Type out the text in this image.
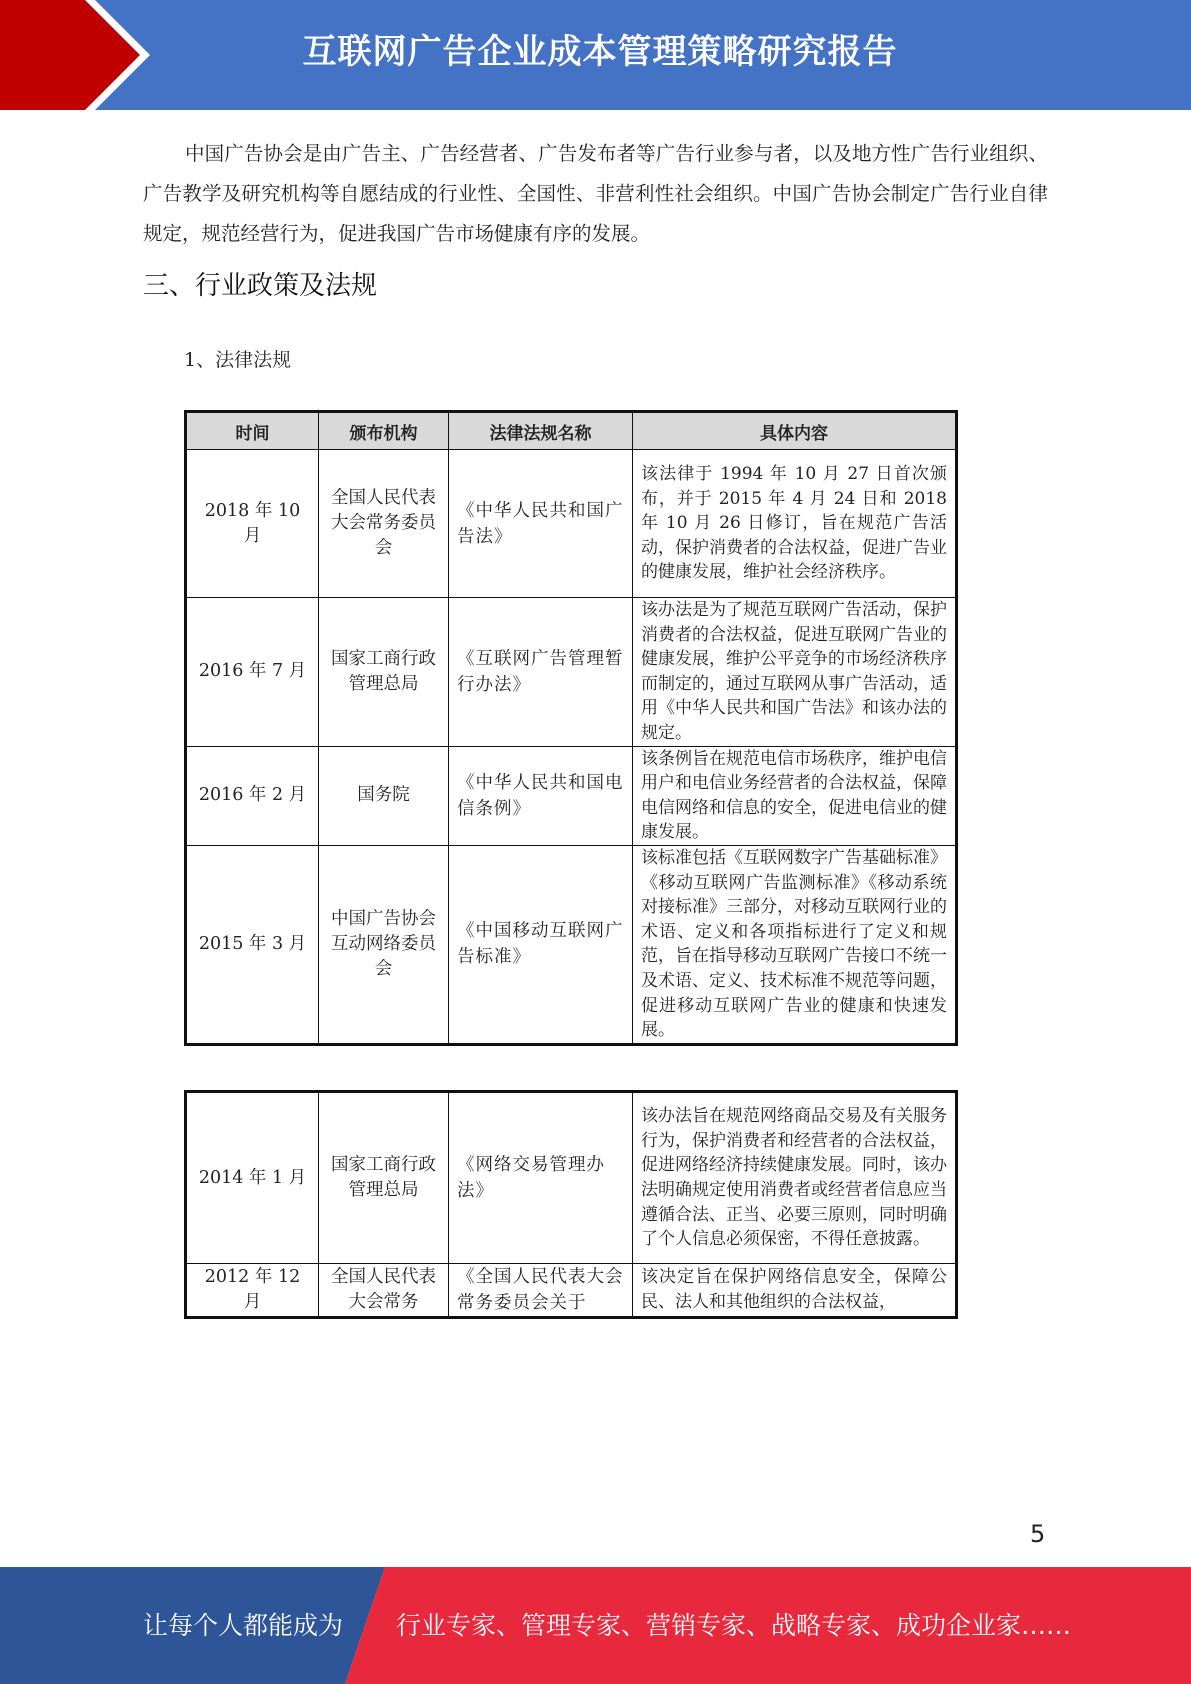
互联网广告企业成本管理策略研究报告

中国广告协会是由广告主、广告经营者、广告发布者等广告行业参与者，以及地方性广告行业组织、广告教学及研究机构等自愿结成的行业性、全国性、非营利性社会组织。中国广告协会制定广告行业自律规定，规范经营行为，促进我国广告市场健康有序的发展。

三、行业政策及法规
1、法律法规
时间	颁布机构	法律法规名称	具体内容
2018 年 10 月	全国人民代表大会常务委员会	《中华人民共和国广告法》	该法律于 1994 年 10 月 27 日首次颁布，并于 2015 年 4 月 24 日和 2018 年 10 月 26 日修订，旨在规范广告活动，保护消费者的合法权益，促进广告业的健康发展，维护社会经济秩序。
2016 年 7 月	国家工商行政管理总局	《互联网广告管理暂行办法》	该办法是为了规范互联网广告活动，保护消费者的合法权益，促进互联网广告业的健康发展，维护公平竞争的市场经济秩序而制定的，通过互联网从事广告活动，适用《中华人民共和国广告法》和该办法的规定。
2016 年 2 月	国务院	《中华人民共和国电信条例》	该条例旨在规范电信市场秩序，维护电信用户和电信业务经营者的合法权益，保障电信网络和信息的安全，促进电信业的健康发展。
2015 年 3 月	中国广告协会互动网络委员会	《中国移动互联网广告标准》	该标准包括《互联网数字广告基础标准》《移动互联网广告监测标准》《移动系统对接标准》三部分，对移动互联网行业的术语、定义和各项指标进行了定义和规范，旨在指导移动互联网广告接口不统一及术语、定义、技术标准不规范等问题，促进移动互联网广告业的健康和快速发展。
2014 年 1 月	国家工商行政管理总局	《网络交易管理办法》	该办法旨在规范网络商品交易及有关服务行为，保护消费者和经营者的合法权益，促进网络经济持续健康发展。同时，该办法明确规定使用消费者或经营者信息应当遵循合法、正当、必要三原则，同时明确了个人信息必须保密，不得任意披露。
2012 年 12 月	全国人民代表大会常务	《全国人民代表大会常务委员会关于	该决定旨在保护网络信息安全，保障公民、法人和其他组织的合法权益，
5
让每个人都能成为 行业专家、管理专家、营销专家、战略专家、成功企业家……
